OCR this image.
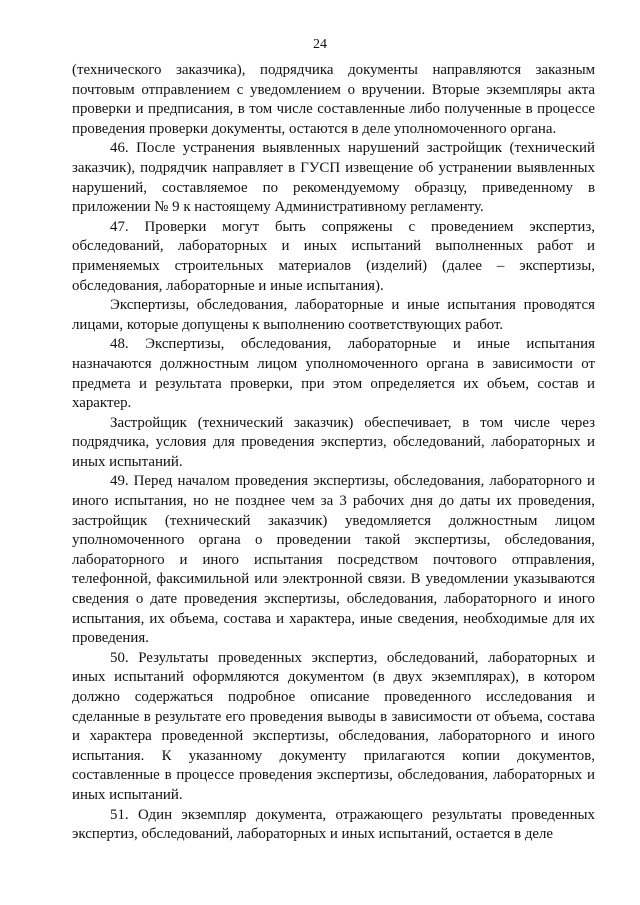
24

(технического заказчика), подрядчика документы направляются заказным почтовым отправлением с уведомлением о вручении. Вторые экземпляры акта проверки и предписания, в том числе составленные либо полученные в процессе проведения проверки документы, остаются в деле уполномоченного органа.

46. После устранения выявленных нарушений застройщик (технический заказчик), подрядчик направляет в ГУСП извещение об устранении выявленных нарушений, составляемое по рекомендуемому образцу, приведенному в приложении № 9 к настоящему Административному регламенту.

47. Проверки могут быть сопряжены с проведением экспертиз, обследований, лабораторных и иных испытаний выполненных работ и применяемых строительных материалов (изделий) (далее – экспертизы, обследования, лабораторные и иные испытания).

Экспертизы, обследования, лабораторные и иные испытания проводятся лицами, которые допущены к выполнению соответствующих работ.

48. Экспертизы, обследования, лабораторные и иные испытания назначаются должностным лицом уполномоченного органа в зависимости от предмета и результата проверки, при этом определяется их объем, состав и характер.

Застройщик (технический заказчик) обеспечивает, в том числе через подрядчика, условия для проведения экспертиз, обследований, лабораторных и иных испытаний.

49. Перед началом проведения экспертизы, обследования, лабораторного и иного испытания, но не позднее чем за 3 рабочих дня до даты их проведения, застройщик (технический заказчик) уведомляется должностным лицом уполномоченного органа о проведении такой экспертизы, обследования, лабораторного и иного испытания посредством почтового отправления, телефонной, факсимильной или электронной связи. В уведомлении указываются сведения о дате проведения экспертизы, обследования, лабораторного и иного испытания, их объема, состава и характера, иные сведения, необходимые для их проведения.

50. Результаты проведенных экспертиз, обследований, лабораторных и иных испытаний оформляются документом (в двух экземплярах), в котором должно содержаться подробное описание проведенного исследования и сделанные в результате его проведения выводы в зависимости от объема, состава и характера проведенной экспертизы, обследования, лабораторного и иного испытания. К указанному документу прилагаются копии документов, составленные в процессе проведения экспертизы, обследования, лабораторных и иных испытаний.

51. Один экземпляр документа, отражающего результаты проведенных экспертиз, обследований, лабораторных и иных испытаний, остается в деле
